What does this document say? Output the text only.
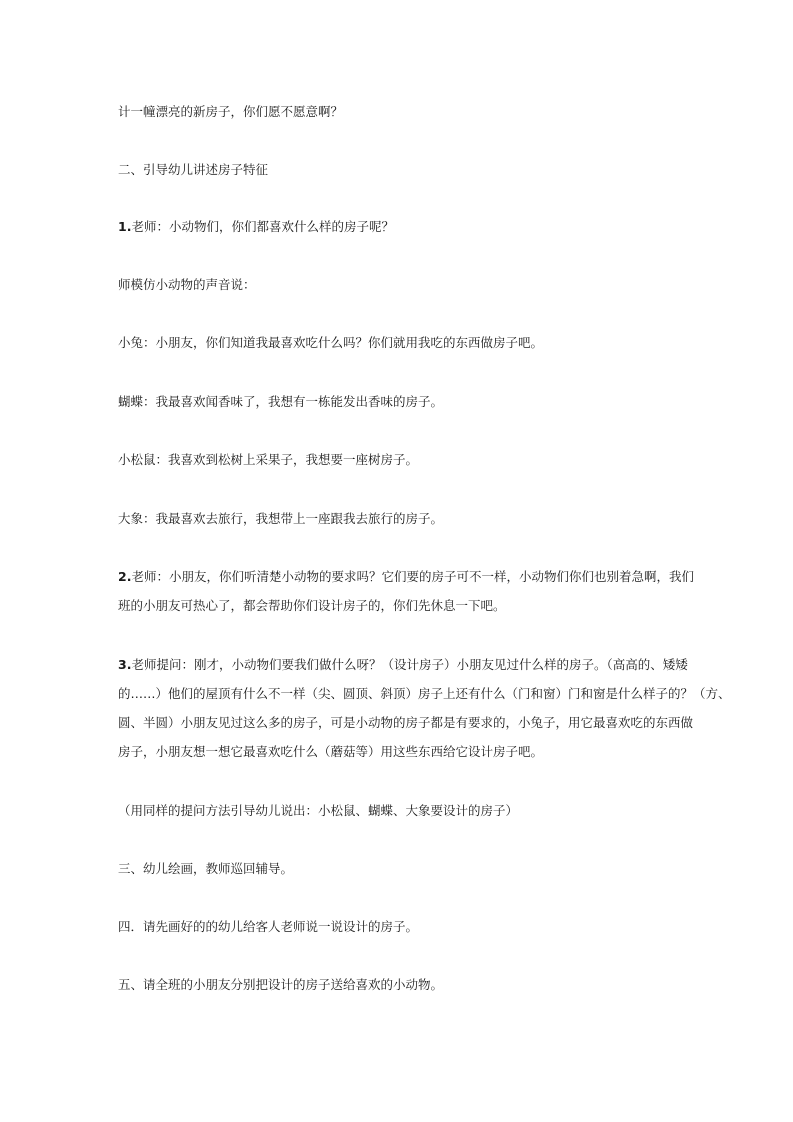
计一幢漂亮的新房子，你们愿不愿意啊？

二、引导幼儿讲述房子特征

1.老师：小动物们，你们都喜欢什么样的房子呢？

师模仿小动物的声音说：

小兔：小朋友，你们知道我最喜欢吃什么吗？你们就用我吃的东西做房子吧。

蝴蝶：我最喜欢闻香味了，我想有一栋能发出香味的房子。

小松鼠：我喜欢到松树上采果子，我想要一座树房子。

大象：我最喜欢去旅行，我想带上一座跟我去旅行的房子。

2.老师：小朋友，你们听清楚小动物的要求吗？它们要的房子可不一样，小动物们你们也别着急啊，我们
班的小朋友可热心了，都会帮助你们设计房子的，你们先休息一下吧。

3.老师提问：刚才，小动物们要我们做什么呀？（设计房子）小朋友见过什么样的房子。（高高的、矮矮
的……）他们的屋顶有什么不一样（尖、圆顶、斜顶）房子上还有什么（门和窗）门和窗是什么样子的？（方、
圆、半圆）小朋友见过这么多的房子，可是小动物的房子都是有要求的，小兔子，用它最喜欢吃的东西做
房子，小朋友想一想它最喜欢吃什么（蘑菇等）用这些东西给它设计房子吧。

（用同样的提问方法引导幼儿说出：小松鼠、蝴蝶、大象要设计的房子）

三、幼儿绘画，教师巡回辅导。

四．请先画好的的幼儿给客人老师说一说设计的房子。

五、请全班的小朋友分别把设计的房子送给喜欢的小动物。
